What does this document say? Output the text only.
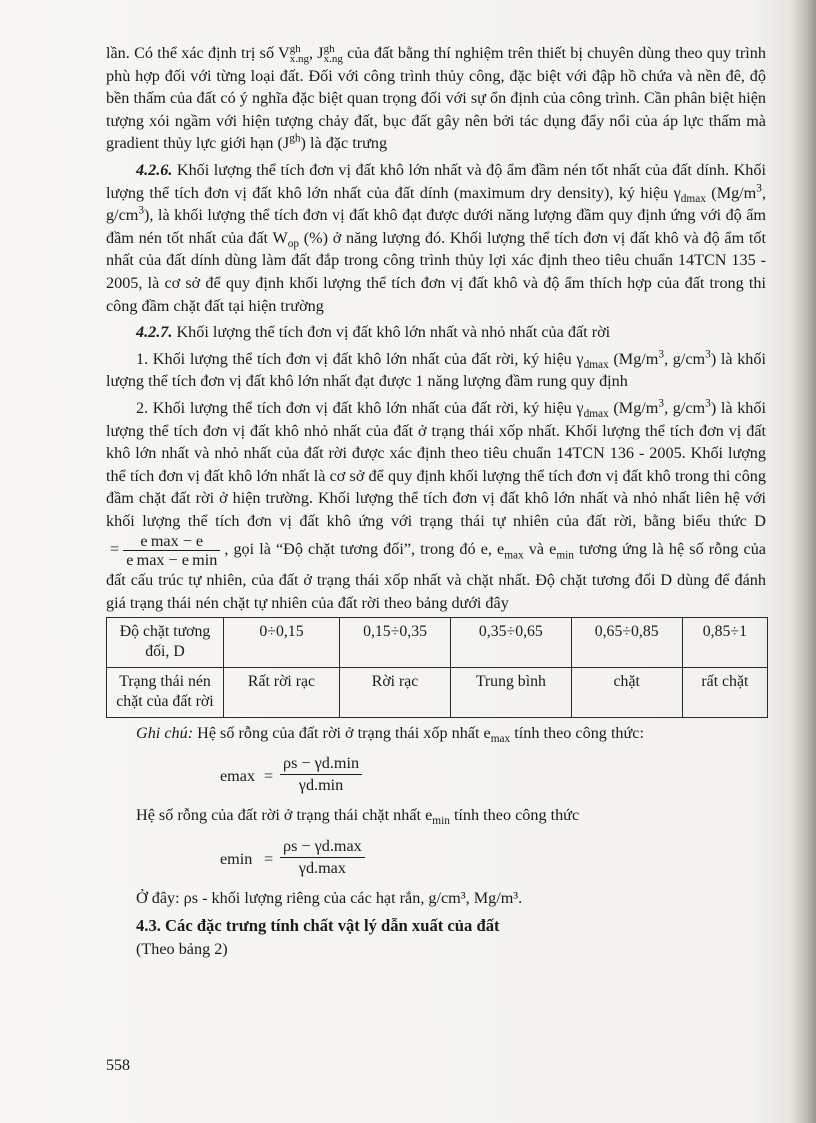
lần. Có thể xác định trị số V gh
x.ng , J gh
x.ng của đất bằng thí nghiệm trên thiết bị chuyên dùng theo quy trình phù hợp đối với từng loại đất. Đối với công trình thủy công, đặc biệt với đập hồ chứa và nền đê, độ bền thấm của đất có ý nghĩa đặc biệt quan trọng đối với sự ổn định của công trình. Cần phân biệt hiện tượng xói ngầm với hiện tượng chảy đất, bục đất gây nên bởi tác dụng đẩy nổi của áp lực thấm mà gradient thủy lực giới hạn $(J^{gh})$ là đặc trưng

4.2.6. Khối lượng thể tích đơn vị đất khô lớn nhất và độ ẩm đầm nén tốt nhất của đất dính. Khối lượng thể tích đơn vị đất khô lớn nhất của đất dính (maximum dry density), ký hiệu $\gamma_{dmax}$ ($Mg/m^3$, $g/cm^3$), là khối lượng thể tích đơn vị đất khô đạt được dưới năng lượng đầm quy định ứng với độ ẩm đầm nén tốt nhất của đất $W_{op}$ (%) ở năng lượng đó. Khối lượng thể tích đơn vị đất khô và độ ẩm tốt nhất của đất dính dùng làm đất đắp trong công trình thủy lợi xác định theo tiêu chuẩn 14TCN 135 - 2005, là cơ sở để quy định khối lượng thể tích đơn vị đất khô và độ ẩm thích hợp của đất trong thi công đầm chặt đất tại hiện trường

4.2.7. Khối lượng thể tích đơn vị đất khô lớn nhất và nhỏ nhất của đất rời

1. Khối lượng thể tích đơn vị đất khô lớn nhất của đất rời, ký hiệu $\gamma_{dmax}$ ($Mg/m^3$, $g/cm^3$) là khối lượng thể tích đơn vị đất khô lớn nhất đạt được 1 năng lượng đầm rung quy định

2. Khối lượng thể tích đơn vị đất khô lớn nhất của đất rời, ký hiệu $\gamma_{dmax}$ ($Mg/m^3$, $g/cm^3$) là khối lượng thể tích đơn vị đất khô nhỏ nhất của đất ở trạng thái xốp nhất. Khối lượng thể tích đơn vị đất khô lớn nhất và nhỏ nhất của đất rời được xác định theo tiêu chuẩn 14TCN 136 - 2005. Khối lượng thể tích đơn vị đất khô lớn nhất là cơ sở để quy định khối lượng thể tích đơn vị đất khô trong thi công đầm chặt đất rời ở hiện trường. Khối lượng thể tích đơn vị đất khô lớn nhất và nhỏ nhất liên hệ với khối lượng thể tích đơn vị đất khô ứng với trạng thái tự nhiên của đất rời, bằng biểu thức $D= \frac{\text{e max − e}}{\text{e max − e min}}$ , gọi là “Độ chặt tương đối”, trong đó e, $e_{max}$ và $e_{min}$ tương ứng là hệ số rỗng của đất cấu trúc tự nhiên, của đất ở trạng thái xốp nhất và chặt nhất. Độ chặt tương đối D dùng để đánh giá trạng thái nén chặt tự nhiên của đất rời theo bảng dưới đây

Độ chặt tương đối, D	0÷0,15	0,15÷0,35	0,35÷0,65	0,65÷0,85	0,85÷1
Trạng thái nén chặt của đất rời	Rất rời rạc	Rời rạc	Trung bình	chặt	rất chặt

Ghi chú: Hệ số rỗng của đất rời ở trạng thái xốp nhất $e_{max}$ tính theo công thức:

emax =
ρs − γd.min
γd.min

Hệ số rỗng của đất rời ở trạng thái chặt nhất $e_{min}$ tính theo công thức

emin =
ρs − γd.max
γd.max

Ở đây: ρs - khối lượng riêng của các hạt rắn, g/cm³, Mg/m³.

4.3. Các đặc trưng tính chất vật lý dẫn xuất của đất

(Theo bảng 2)

558
